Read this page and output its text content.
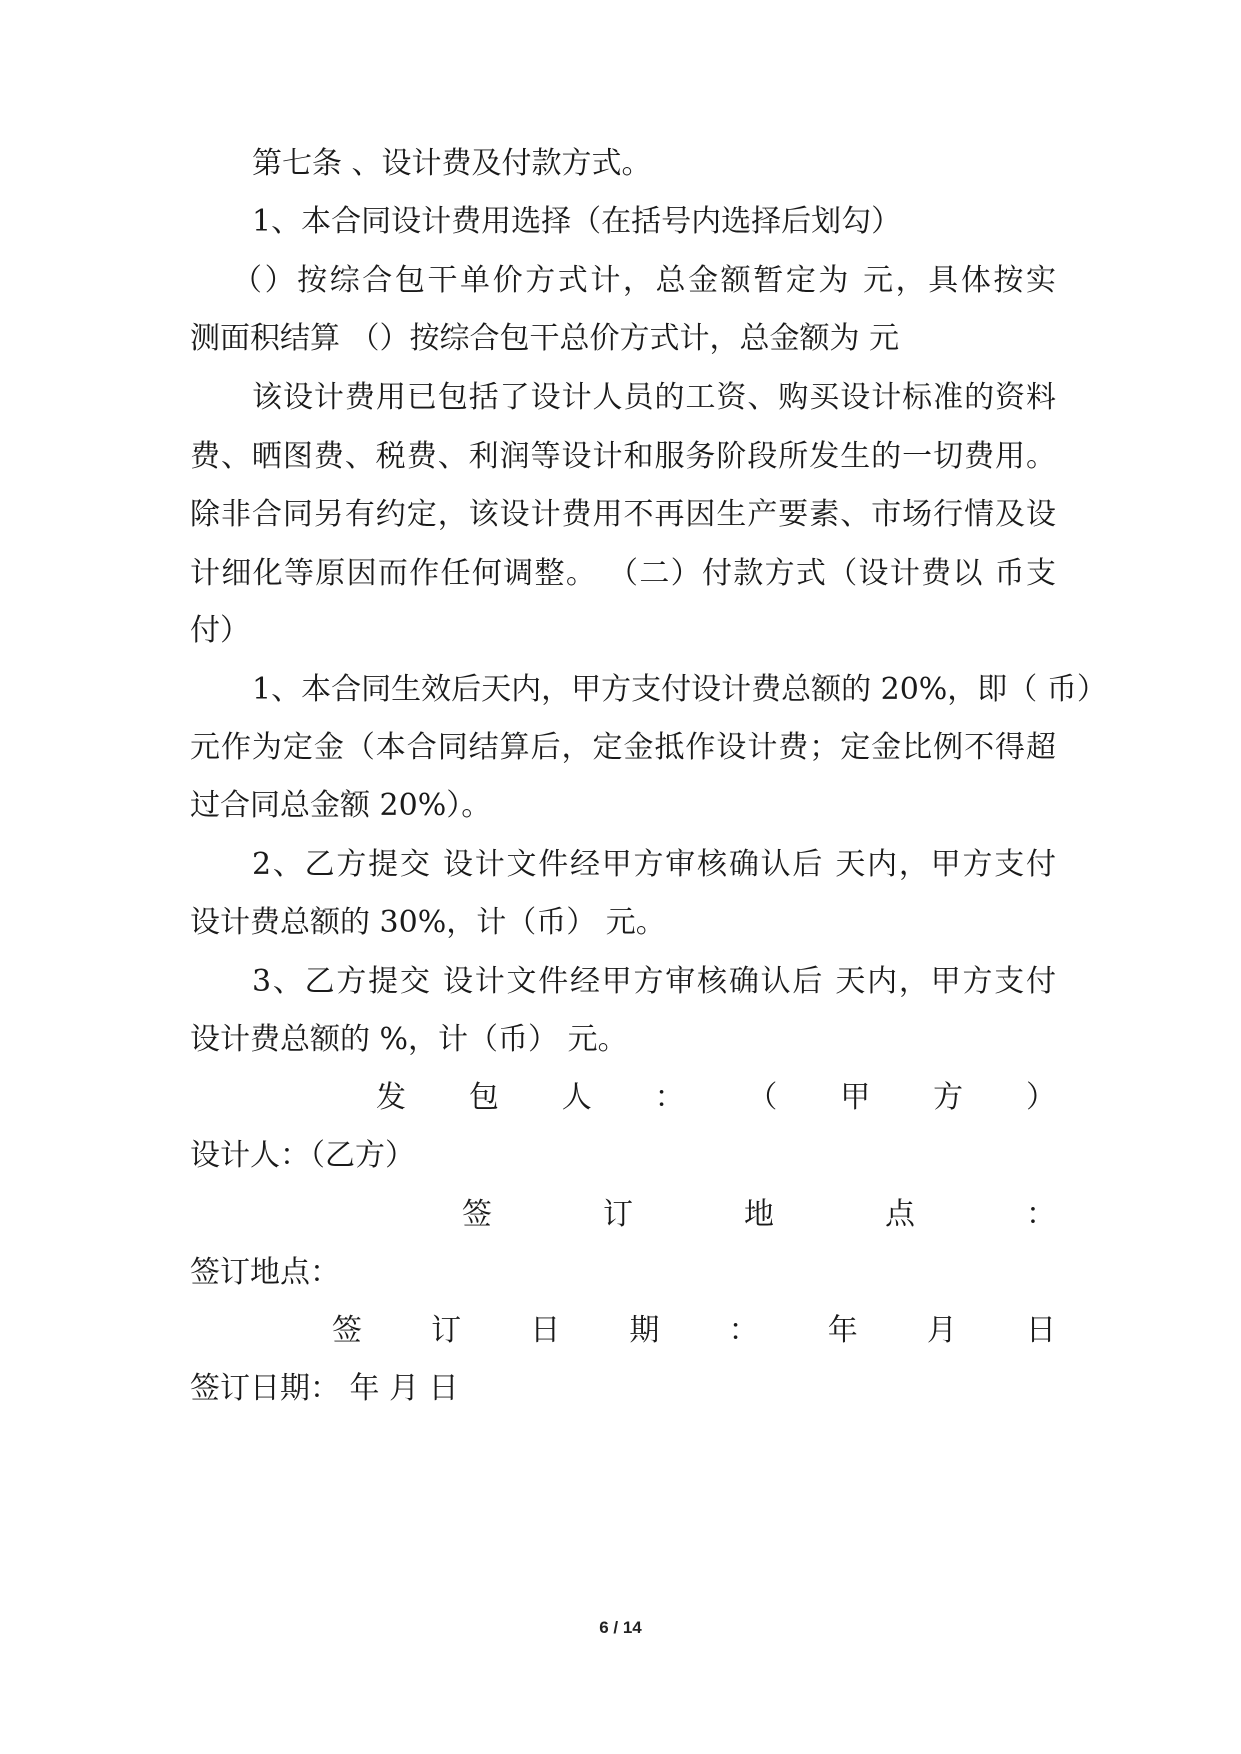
第七条 、设计费及付款方式。
1、本合同设计费用选择（在括号内选择后划勾）
（）按综合包干单价方式计，总金额暂定为 元，具体按实
测面积结算 （）按综合包干总价方式计，总金额为 元
该设计费用已包括了设计人员的工资、购买设计标准的资料
费、晒图费、税费、利润等设计和服务阶段所发生的一切费用。
除非合同另有约定，该设计费用不再因生产要素、市场行情及设
计细化等原因而作任何调整。 （二）付款方式（设计费以 币支
付）
1、本合同生效后天内，甲方支付设计费总额的 20%，即（ 币）
元作为定金（本合同结算后，定金抵作设计费；定金比例不得超
过合同总金额 20%）。
2、乙方提交 设计文件经甲方审核确认后 天内，甲方支付
设计费总额的 30%，计（币） 元。
3、乙方提交 设计文件经甲方审核确认后 天内，甲方支付
设计费总额的 %，计（币） 元。
发 包 人 ： （ 甲 方 ）
设计人：（乙方）
签 订 地 点 ：
签订地点：
签 订 日 期 ： 年 月 日
签订日期： 年 月 日
6 / 14
